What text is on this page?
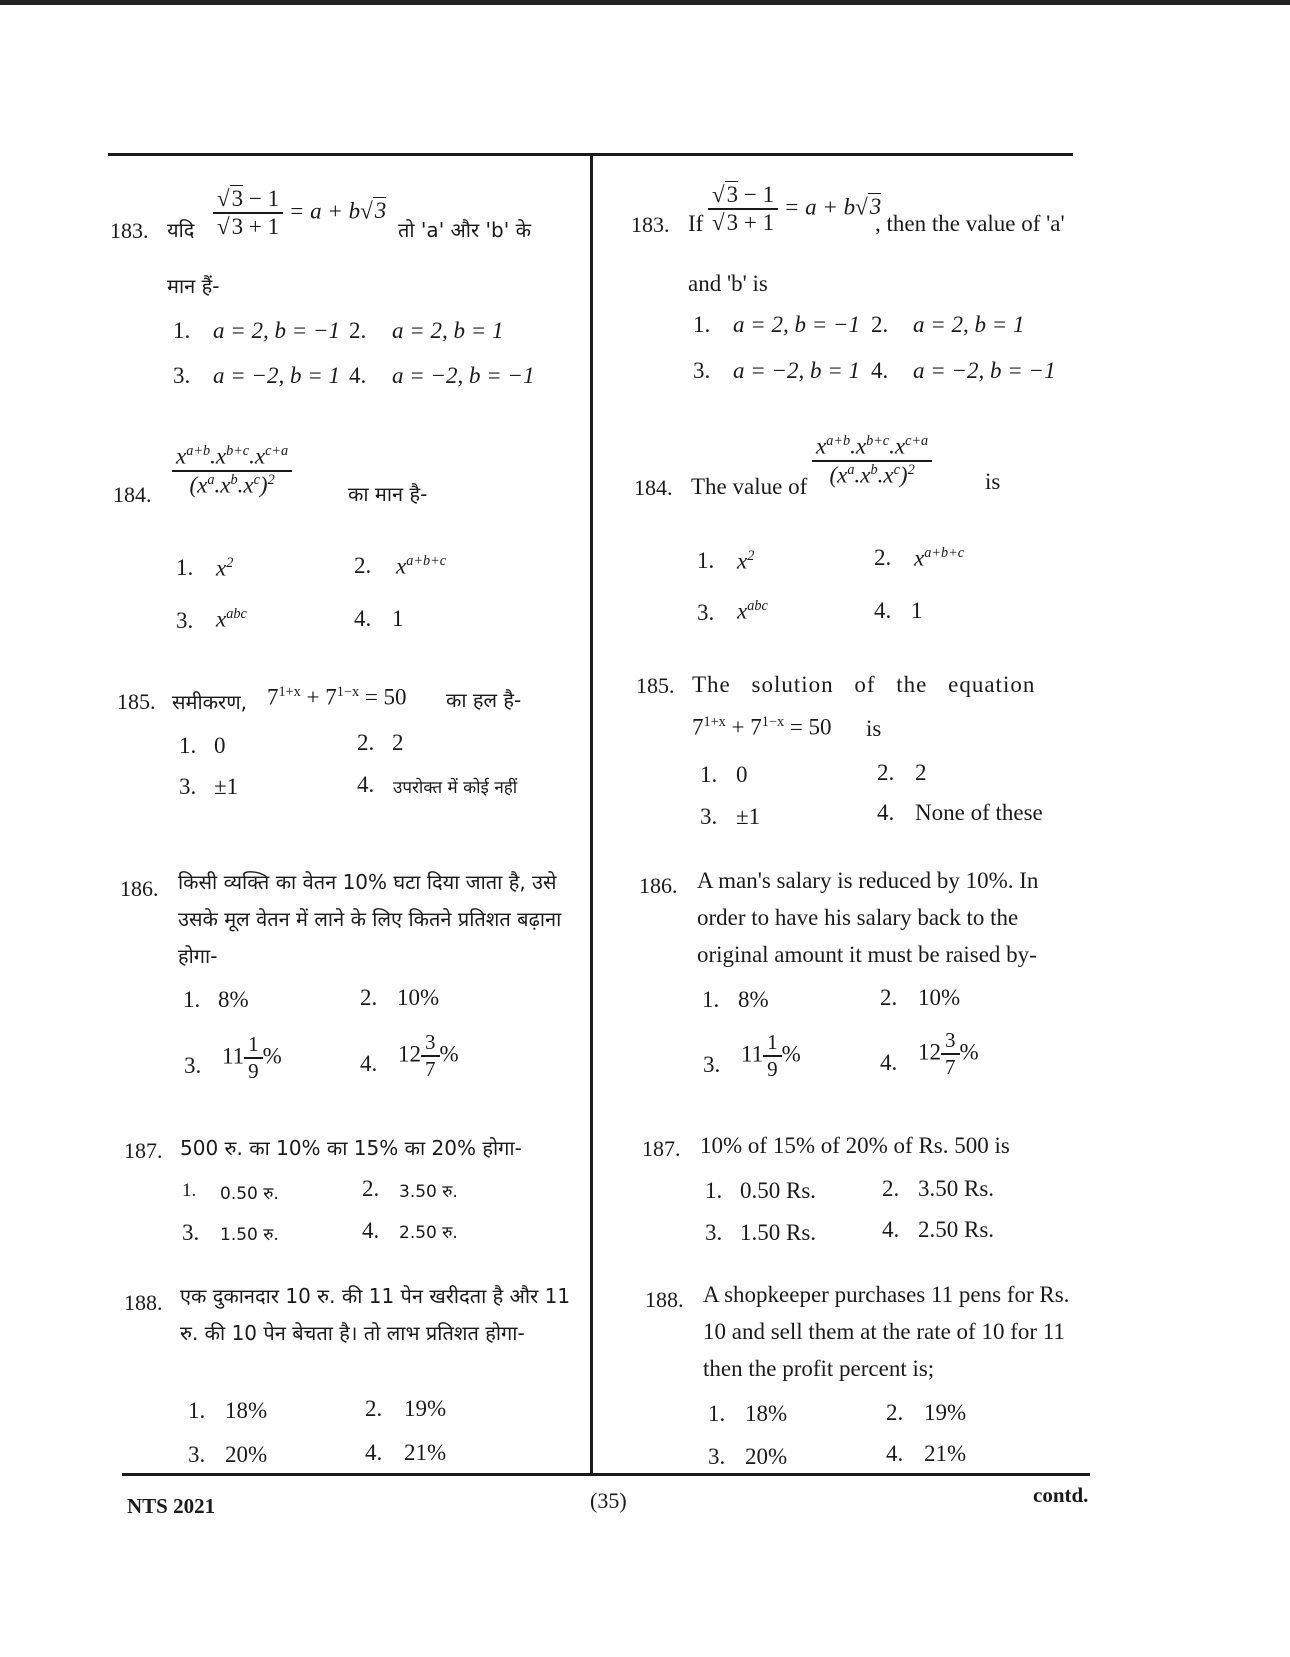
183. यदि $\frac{√3 - 1}{√3 + 1} = a + b√3$
तो 'a' और 'b' के
मान हैं-
1. a = 2, b = −1 2. a = 2, b = 1
3. a = −2, b = 1 4. a = −2, b = −1
184. $\frac{x^{a+b}.x^{b+c}.x^{c+a}}{(x^a.x^b.x^c)^2}$	का मान है-
1. $x^2$	2. $x^{a+b+c}$
3. $x^{abc}$	4. 1
185. समीकरण, $7^{1+x} + 7^{1-x} = 50$ का हल है-
1. 0	2. 2
3. ±1	4. उपरोक्त में कोई नहीं
186. किसी व्यक्ति का वेतन 10% घटा दिया जाता है, उसे उसके मूल वेतन में लाने के लिए कितने प्रतिशत बढ़ाना होगा-
1. 8%	2. 10%
3. $11 \frac{1}{9}$ %	4. $12 \frac{3}{7}$ %
187. 500 रु. का 10% का 15% का 20% होगा-
1. 0.50 रु.	2. 3.50 रु.
3. 1.50 रु.	4. 2.50 रु.
188. एक दुकानदार 10 रु. की 11 पेन खरीदता है और 11 रु. की 10 पेन बेचता है। तो लाभ प्रतिशत होगा-
1. 18%	2. 19%
3. 20%	4. 21%
183. If $\frac{√3 - 1}{√3 + 1} = a + b√3$
, then the value of 'a'
and 'b' is
1. a = 2, b = −1 2. a = 2, b = 1
3. a = −2, b = 1 4. a = −2, b = −1
184. The value of $\frac{x^{a+b}.x^{b+c}.x^{c+a}}{(x^a.x^b.x^c)^2}$ is
1. $x^2$	2. $x^{a+b+c}$
3. $x^{abc}$	4. 1
185. The solution of the equation
$7^{1+x} + 7^{1-x} = 50$ is
1. 0	2. 2
3. ±1	4. None of these
186. A man's salary is reduced by 10%. In order to have his salary back to the original amount it must be raised by-
1. 8%	2. 10%
3. $11 \frac{1}{9}$ %	4. $12 \frac{3}{7}$ %
187. 10% of 15% of 20% of Rs. 500 is
1. 0.50 Rs.	2. 3.50 Rs.
3. 1.50 Rs.	4. 2.50 Rs.
188. A shopkeeper purchases 11 pens for Rs. 10 and sell them at the rate of 10 for 11 then the profit percent is;
1. 18%	2. 19%
3. 20%	4. 21%
NTS 2021	(35)	contd.
